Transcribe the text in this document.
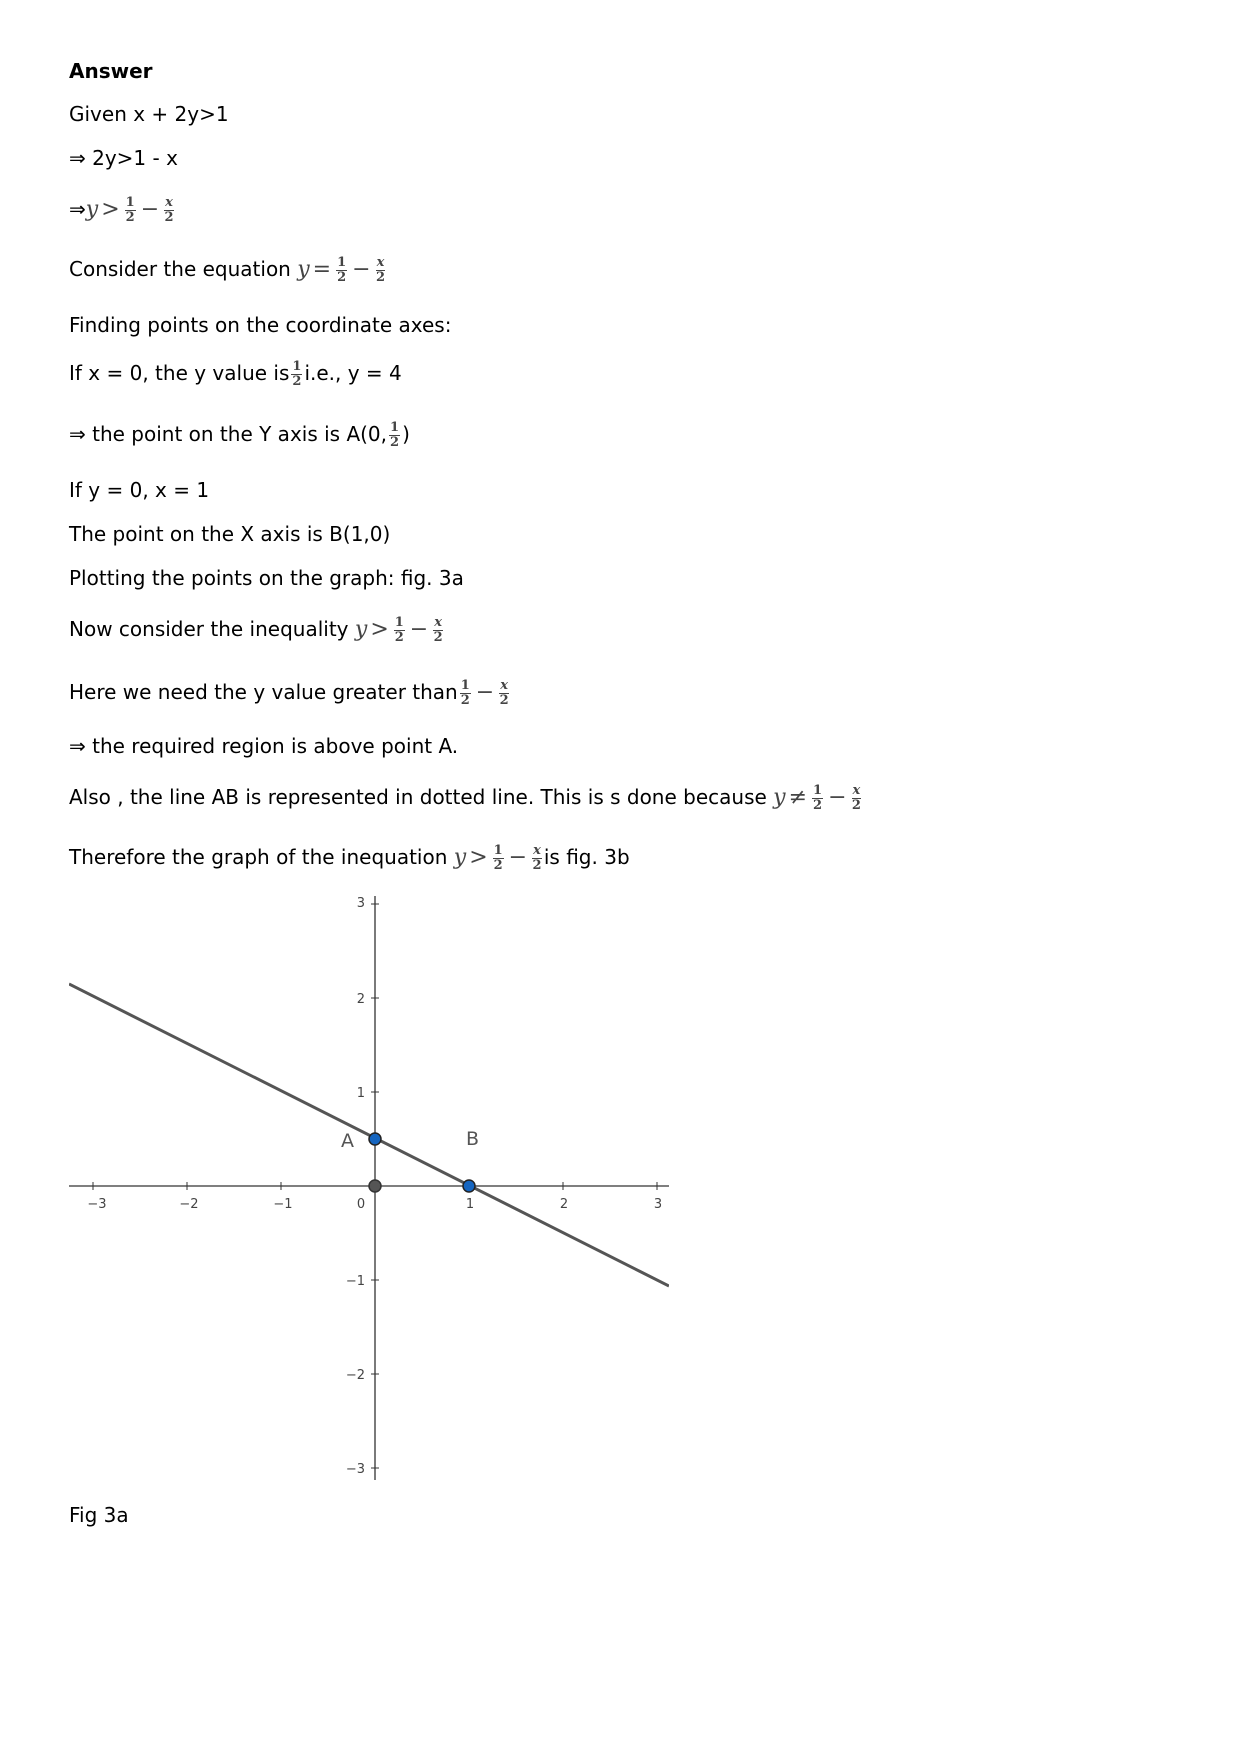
Answer
Given x + 2y>1
⇒ 2y>1 - x
⇒y > $\frac{1}{2} - \frac{x}{2}$
Consider the equation $y = \frac{1}{2} - \frac{x}{2}$
Finding points on the coordinate axes:
If x = 0, the y value is $\frac{1}{2} i.e$., y = 4
⇒ the point on the Y axis is A(0, $\frac{1}{2}$ )
If y = 0, x = 1
The point on the X axis is B(1,0)
Plotting the points on the graph: fig. 3a
Now consider the inequality $y > \frac{1}{2} - \frac{x}{2}$
Here we need the y value greater than $\frac{1}{2} - \frac{x}{2}$
⇒ the required region is above point A.
Also , the line AB is represented in dotted line. This is s done because $y \ne \frac{1}{2} - \frac{x}{2}$
Therefore the graph of the inequation $y > \frac{1}{2} - \frac{x}{2}$ is fig. 3b
−3	−2	−1	0	1	2	3
3
2
1
−1
−2
−3
A	B
Fig 3a
